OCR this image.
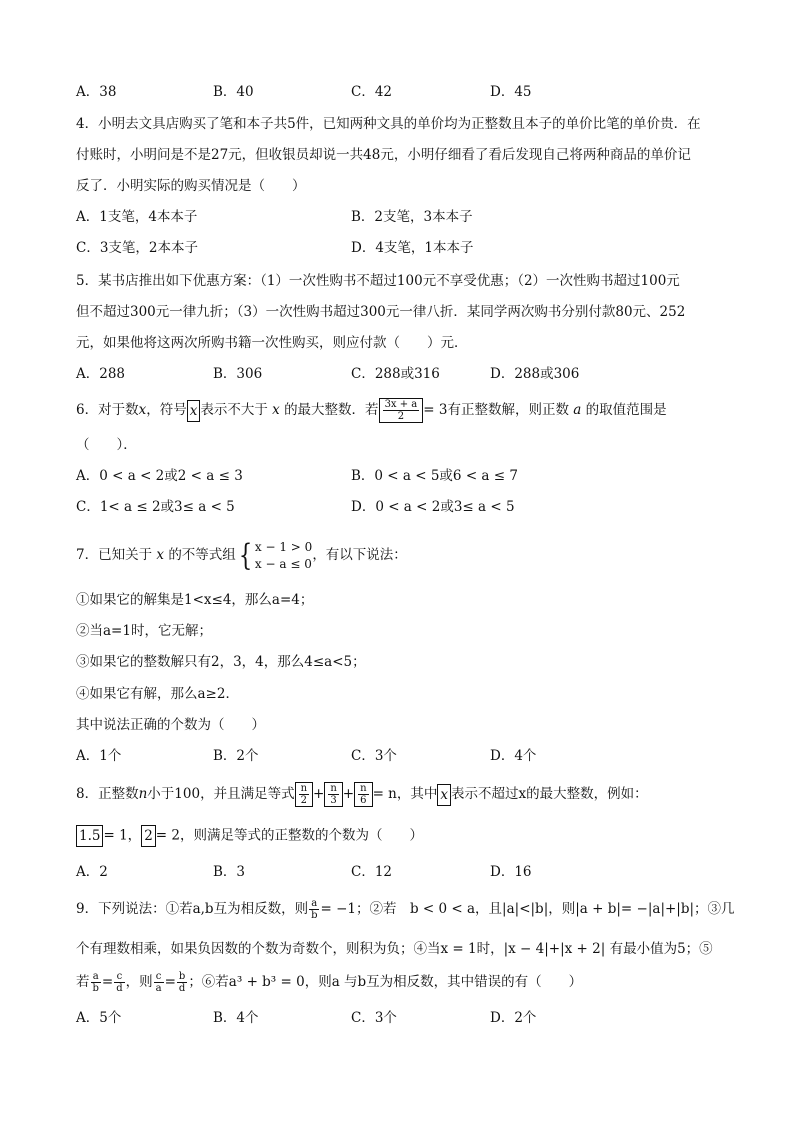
A．38	B．40	C．42	D．45
4．小明去文具店购买了笔和本子共5件，已知两种文具的单价均为正整数且本子的单价比笔的单价贵．在
付账时，小明问是不是27元，但收银员却说一共48元，小明仔细看了看后发现自己将两种商品的单价记
反了．小明实际的购买情况是（　　）
A．1支笔，4本本子	B．2支笔，3本本子
C．3支笔，2本本子	D．4支笔，1本本子
5．某书店推出如下优惠方案：（1）一次性购书不超过100元不享受优惠；（2）一次性购书超过100元
但不超过300元一律九折；（3）一次性购书超过300元一律八折．某同学两次购书分别付款80元、252
元，如果他将这两次所购书籍一次性购买，则应付款（　　）元．
A．288	B．306	C．288或316	D．288或306
6．对于数x，符号 x 表示不大于 x 的最大整数．若 $\frac{3x + a}{2} = 3$有正整数解，则正数 a 的取值范围是
（　　）．
A．0 < a < 2或2 < a ≤ 3	B．0 < a < 5或6 < a ≤ 7
C．1< a ≤ 2或3≤ a < 5	D．0 < a < 2或3≤ a < 5
7．已知关于 x 的不等式组{ x − 1 > 0
x − a ≤ 0
，有以下说法：
①如果它的解集是1<x≤4，那么a=4；
②当a=1时，它无解；
③如果它的整数解只有2，3，4，那么4≤a<5；
④如果它有解，那么a≥2．
其中说法正确的个数为（　　）
A．1个	B．2个	C．3个	D．4个
8．正整数n小于100，并且满足等式 $\frac{n}{2} + \frac{n}{3} + \frac{n}{6} = n$，其中 x 表示不超过x的最大整数，例如：
1.5 = 1， 2 = 2，则满足等式的正整数的个数为（　　）
A．2	B．3	C．12	D．16
9．下列说法：①若a,b互为相反数，则 $\frac{a}{b} = -1$；②若　b < 0 < a，且|a|<|b|，则|a + b|= −|a|+|b|；③几
个有理数相乘，如果负因数的个数为奇数个，则积为负；④当x = 1时，|x − 4|+|x + 2| 有最小值为5；⑤
若 $\frac{a}{b} = \frac{c}{d}$ ，则 $\frac{c}{a} = \frac{b}{d}$ ；⑥若a³ + b³ = 0，则a 与b互为相反数，其中错误的有（　　）
A．5个	B．4个	C．3个	D．2个
